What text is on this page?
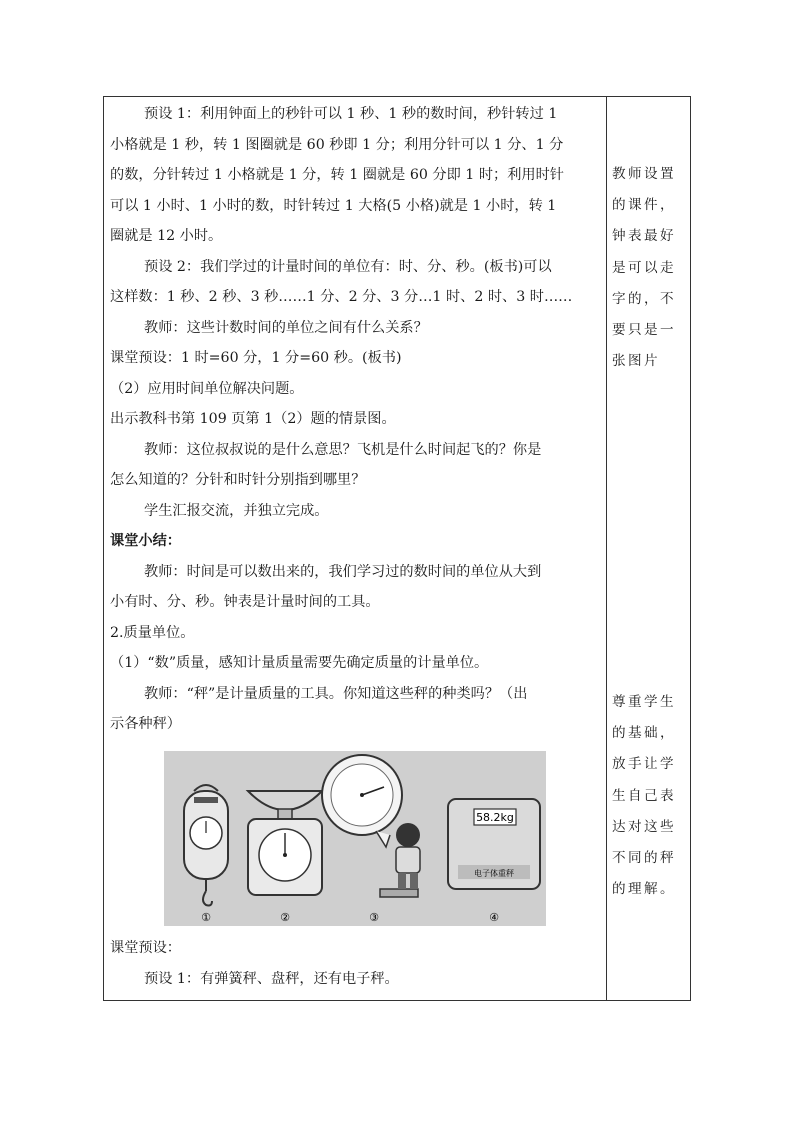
预设 1：利用钟面上的秒针可以 1 秒、1 秒的数时间，秒针转过 1
小格就是 1 秒，转 1 图圈就是 60 秒即 1 分；利用分针可以 1 分、1 分
的数，分针转过 1 小格就是 1 分，转 1 圈就是 60 分即 1 时；利用时针
可以 1 小时、1 小时的数，时针转过 1 大格(5 小格)就是 1 小时，转 1
圈就是 12 小时。
预设 2：我们学过的计量时间的单位有：时、分、秒。(板书)可以
这样数：1 秒、2 秒、3 秒……1 分、2 分、3 分…1 时、2 时、3 时……
教师：这些计数时间的单位之间有什么关系？
课堂预设：1 时=60 分，1 分=60 秒。(板书)
（2）应用时间单位解决问题。
出示教科书第 109 页第 1（2）题的情景图。
教师：这位叔叔说的是什么意思？飞机是什么时间起飞的？你是
怎么知道的？分针和时针分别指到哪里？
学生汇报交流，并独立完成。
课堂小结：
教师：时间是可以数出来的，我们学习过的数时间的单位从大到
小有时、分、秒。钟表是计量时间的工具。
2.质量单位。
（1）“数”质量，感知计量质量需要先确定质量的计量单位。
教师：“秤”是计量质量的工具。你知道这些秤的种类吗？（出
示各种秤）
58.2kg
电子体重秤
①	②	③	④
课堂预设：
预设 1：有弹簧秤、盘秤，还有电子秤。
教师设置
的课件，
钟表最好
是可以走
字的，不
要只是一
张图片
尊重学生
的基础，
放手让学
生自己表
达对这些
不同的秤
的理解。
